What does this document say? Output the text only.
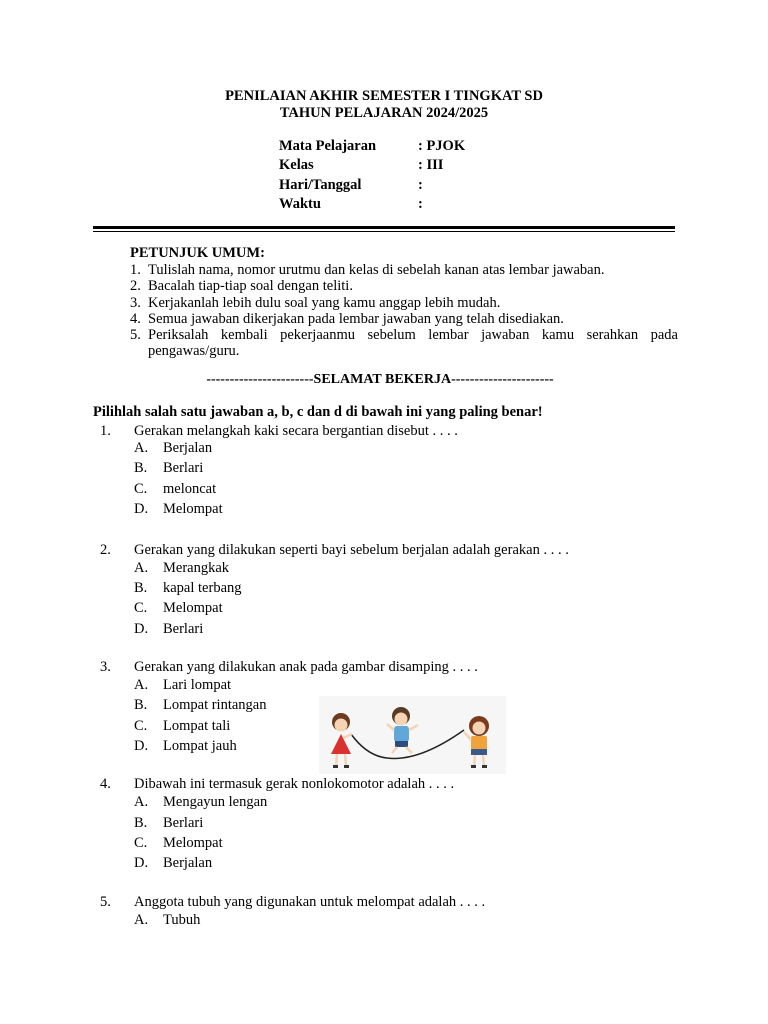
PENILAIAN AKHIR SEMESTER I TINGKAT SD
TAHUN PELAJARAN 2024/2025
Mata Pelajaran	: PJOK
Kelas	: III
Hari/Tanggal	:
Waktu	:
PETUNJUK UMUM:
1. Tulislah nama, nomor urutmu dan kelas di sebelah kanan atas lembar jawaban.
2. Bacalah tiap-tiap soal dengan teliti.
3. Kerjakanlah lebih dulu soal yang kamu anggap lebih mudah.
4. Semua jawaban dikerjakan pada lembar jawaban yang telah disediakan.
5. Periksalah kembali pekerjaanmu sebelum lembar jawaban kamu serahkan pada pengawas/guru.
-----------------------SELAMAT BEKERJA----------------------
Pilihlah salah satu jawaban a, b, c dan d di bawah ini yang paling benar!
1. Gerakan melangkah kaki secara bergantian disebut . . . .
A. Berjalan
B. Berlari
C. meloncat
D. Melompat
2. Gerakan yang dilakukan seperti bayi sebelum berjalan adalah gerakan . . . .
A. Merangkak
B. kapal terbang
C. Melompat
D. Berlari
3. Gerakan yang dilakukan anak pada gambar disamping . . . .
A. Lari lompat
B. Lompat rintangan
C. Lompat tali
D. Lompat jauh
4. Dibawah ini termasuk gerak nonlokomotor adalah . . . .
A. Mengayun lengan
B. Berlari
C. Melompat
D. Berjalan
5. Anggota tubuh yang digunakan untuk melompat adalah . . . .
A. Tubuh
